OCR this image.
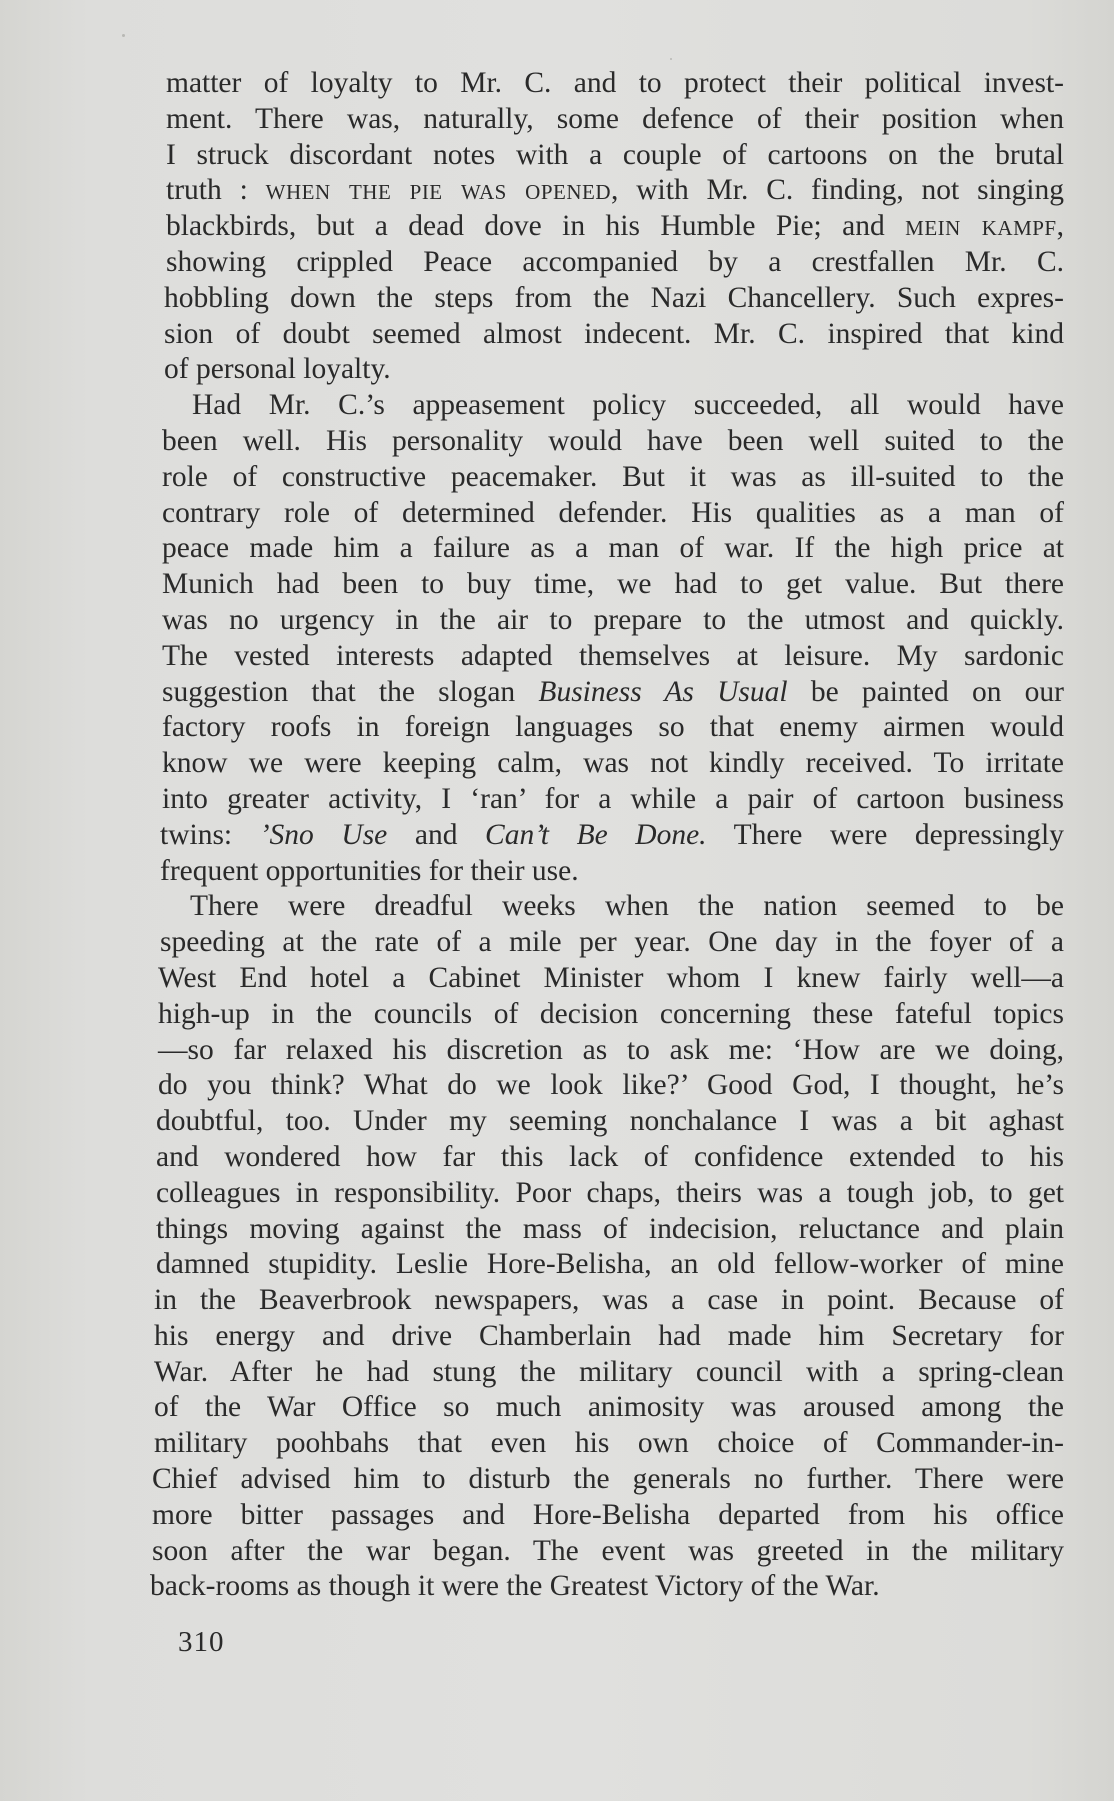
matter of loyalty to Mr. C. and to protect their political invest-
ment. There was, naturally, some defence of their position when
I struck discordant notes with a couple of cartoons on the brutal
truth : when the pie was opened, with Mr. C. finding, not singing
blackbirds, but a dead dove in his Humble Pie; and mein kampf,
showing crippled Peace accompanied by a crestfallen Mr. C.
hobbling down the steps from the Nazi Chancellery. Such expres-
sion of doubt seemed almost indecent. Mr. C. inspired that kind
of personal loyalty.
Had Mr. C.’s appeasement policy succeeded, all would have
been well. His personality would have been well suited to the
role of constructive peacemaker. But it was as ill-suited to the
contrary role of determined defender. His qualities as a man of
peace made him a failure as a man of war. If the high price at
Munich had been to buy time, we had to get value. But there
was no urgency in the air to prepare to the utmost and quickly.
The vested interests adapted themselves at leisure. My sardonic
suggestion that the slogan Business As Usual be painted on our
factory roofs in foreign languages so that enemy airmen would
know we were keeping calm, was not kindly received. To irritate
into greater activity, I ‘ran’ for a while a pair of cartoon business
twins: ’Sno Use and Can’t Be Done. There were depressingly
frequent opportunities for their use.
There were dreadful weeks when the nation seemed to be
speeding at the rate of a mile per year. One day in the foyer of a
West End hotel a Cabinet Minister whom I knew fairly well—a
high-up in the councils of decision concerning these fateful topics
—so far relaxed his discretion as to ask me: ‘How are we doing,
do you think? What do we look like?’ Good God, I thought, he’s
doubtful, too. Under my seeming nonchalance I was a bit aghast
and wondered how far this lack of confidence extended to his
colleagues in responsibility. Poor chaps, theirs was a tough job, to get
things moving against the mass of indecision, reluctance and plain
damned stupidity. Leslie Hore-Belisha, an old fellow-worker of mine
in the Beaverbrook newspapers, was a case in point. Because of
his energy and drive Chamberlain had made him Secretary for
War. After he had stung the military council with a spring-clean
of the War Office so much animosity was aroused among the
military poohbahs that even his own choice of Commander-in-
Chief advised him to disturb the generals no further. There were
more bitter passages and Hore-Belisha departed from his office
soon after the war began. The event was greeted in the military
back-rooms as though it were the Greatest Victory of the War.
310
